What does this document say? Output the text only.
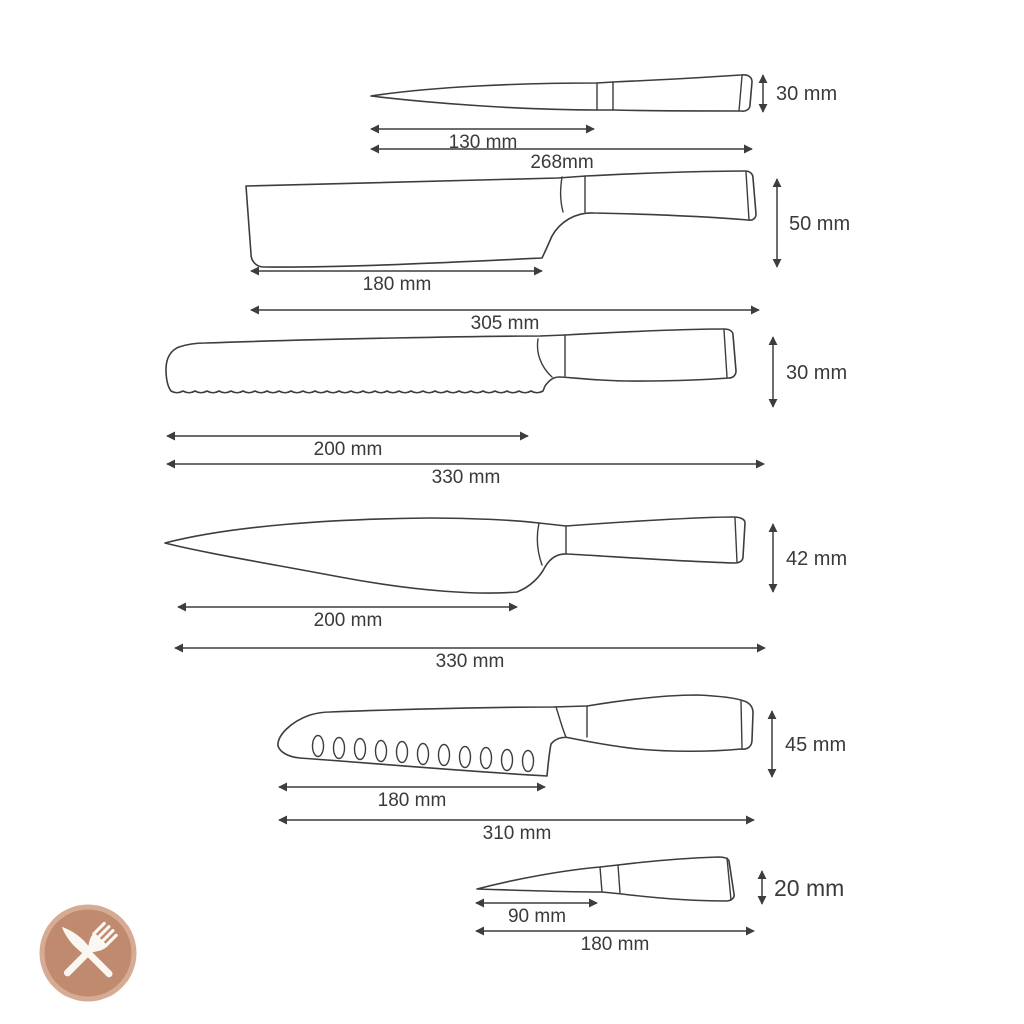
130 mm
268mm
30 mm
180 mm
305 mm
50 mm
200 mm
330 mm
30 mm
200 mm
330 mm
42 mm
180 mm
310 mm
45 mm
90 mm
180 mm
20 mm
